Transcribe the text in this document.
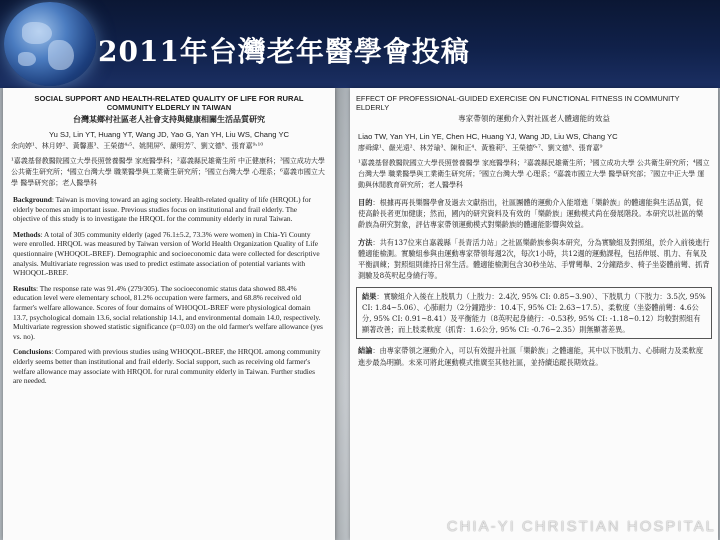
2011年台灣老年醫學會投稿
SOCIAL SUPPORT AND HEALTH-RELATED QUALITY OF LIFE FOR RURAL COMMUNITY ELDERLY IN TAIWAN
台灣某鄉村社區老人社會支持與健康相關生活品質研究
Yu SJ, Lin YT, Huang YT, Wang JD, Yao G, Yan YH, Liu WS, Chang YC
余向婷¹、林月婷²、黃馨惠³、王榮德⁴˒⁵、姚開屏⁶、嚴明芳⁷、劉文德⁸、張育嘉⁹˒¹⁰
¹嘉義基督教醫院國立大學長照營養醫學 家庭醫學科；²嘉義縣民雄衛生所 中正健康科；³國立成功大學 公共衛生研究所；⁴國立台灣大學 職業醫學與工業衛生研究所；⁵國立台灣大學 心理系；⁶嘉義市國立大學 醫學研究部；老人醫學科
Background: Taiwan is moving toward an aging society. Health-related quality of life (HRQOL) for elderly becomes an important issue. Previous studies focus on institutional and frail elderly. The objective of this study is to investigate the HRQOL for the community elderly in rural Taiwan.
Methods: A total of 305 community elderly (aged 76.1±5.2, 73.3% were women) in Chia-Yi County were enrolled. HRQOL was measured by Taiwan version of World Health Organization Quality of Life questionnaire (WHOQOL-BREF). Demographic and socioeconomic data were collected for descriptive analysis. Multivariate regression was used to predict estimate association of potential variants with WHOQOL-BREF.
Results: The response rate was 91.4% (279/305). The socioeconomic status data showed 88.4% education level were elementary school, 81.2% occupation were farmers, and 68.8% received old farmer's welfare allowance. Scores of four domains of WHOQOL-BREF were physiological domain 13.7, psychological domain 13.6, social relationship 14.1, and environmental domain 14.0, respectively. Multivariate regression showed statistic significance (p=0.03) on the old farmer's welfare allowance (yes vs. no).
Conclusions: Compared with previous studies using WHOQOL-BREF, the HRQOL among community elderly seems better than institutional and frail elderly. Social support, such as receiving old farmer's welfare allowance may associate with HRQOL for rural community elderly in Taiwan. Further studies are needed.
EFFECT OF PROFESSIONAL-GUIDED EXERCISE ON FUNCTIONAL FITNESS IN COMMUNITY ELDERLY
專家帶領的運動介入對社區老人體適能的效益
Liao TW, Yan YH, Lin YE, Chen HC, Huang YJ, Wang JD, Liu WS, Chang YC
廖舜緯¹、嚴光遠²、林芳瑜³、陳和正⁴、黃雅莉⁵、王榮德⁶˒⁷、劉文德⁸、張育嘉⁹
¹嘉義基督教醫院國立大學長照營養醫學 家庭醫學科；²嘉義縣民雄衛生所；³國立成功大學 公共衛生研究所；⁴國立台灣大學 職業醫學與工業衛生研究所；⁵國立台灣大學 心理系；⁶嘉義市國立大學 醫學研究部；⁷國立中正大學 運動與休閒教育研究所；老人醫學科
目的：根據再再長樂醫學會及過去文獻指出，社區團體的運動介入能增進「樂齡族」的體適能與生活品質，促使高齡長者更加健康；然而，國內的研究資料及有效的「樂齡族」運動模式尚在發展階段。本研究以社區的樂齡族為研究對象，評估專家帶領運動模式對樂齡族的體適能影響與效益。
方法：共有137位來自嘉義縣「長青活力站」之社區樂齡族參與本研究，分為實驗組及對照組，於介入前後進行體適能檢測。實驗組參與由運動專家帶領每週2次，每次1小時，共12週的運動課程，包括伸展、肌力、有氧及平衡訓練；對照組則維持日常生活。體適能檢測包含30秒坐站、手臂彎舉、2分鐘踏步、椅子坐姿體前彎、抓背測驗及8英呎起身繞行等。
結果：實驗組介入後在上肢肌力（上肢力：2.4次, 95% CI: 0.85~3.90）、下肢肌力（下肢力：3.5次, 95% CI: 1.84~5.06）、心肺耐力（2分鐘踏步：10.4下, 95% CI: 2.63~17.5）、柔軟度（坐姿體前彎：4.6公分, 95% CI: 0.91~8.41）及平衡能力（8英呎起身繞行：-0.53秒, 95% CI: -1.18~0.12）均較對照組有顯著改善；而上肢柔軟度（抓背：1.6公分, 95% CI: -0.76~2.35）則無顯著差異。
結論：由專家帶領之運動介入，可以有效提升社區「樂齡族」之體適能，其中以下肢肌力、心肺耐力及柔軟度進步最為明顯。未來可將此運動模式推廣至其他社區，並持續追蹤長期效益。
CHIA-YI CHRISTIAN HOSPITAL
